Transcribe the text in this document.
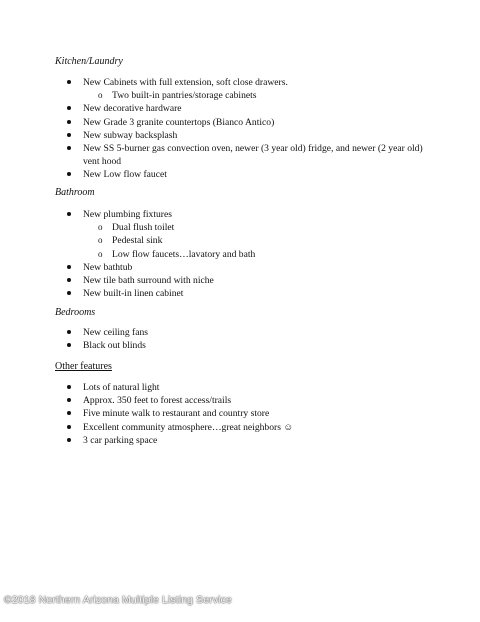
Kitchen/Laundry
New Cabinets with full extension, soft close drawers.
o Two built-in pantries/storage cabinets
New decorative hardware
New Grade 3 granite countertops (Bianco Antico)
New subway backsplash
New SS 5-burner gas convection oven, newer (3 year old) fridge, and newer (2 year old) vent hood
New Low flow faucet
Bathroom
New plumbing fixtures
o Dual flush toilet
o Pedestal sink
o Low flow faucets…lavatory and bath
New bathtub
New tile bath surround with niche
New built-in linen cabinet
Bedrooms
New ceiling fans
Black out blinds
Other features
Lots of natural light
Approx. 350 feet to forest access/trails
Five minute walk to restaurant and country store
Excellent community atmosphere…great neighbors ☺
3 car parking space
©2018 Northern Arizona Multiple Listing Service
